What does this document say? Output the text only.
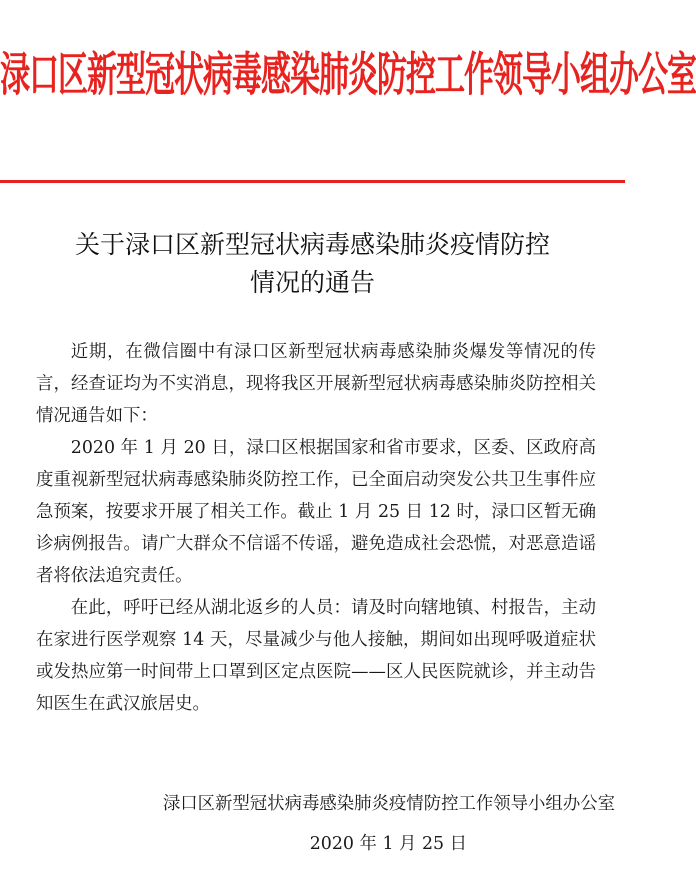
渌口区新型冠状病毒感染肺炎防控工作领导小组办公室
关于渌口区新型冠状病毒感染肺炎疫情防控
情况的通告

近期，在微信圈中有渌口区新型冠状病毒感染肺炎爆发等情况的传言，经查证均为不实消息，现将我区开展新型冠状病毒感染肺炎防控相关情况通告如下：

2020 年 1 月 20 日，渌口区根据国家和省市要求，区委、区政府高度重视新型冠状病毒感染肺炎防控工作，已全面启动突发公共卫生事件应急预案，按要求开展了相关工作。截止 1 月 25 日 12 时，渌口区暂无确诊病例报告。请广大群众不信谣不传谣，避免造成社会恐慌，对恶意造谣者将依法追究责任。

在此，呼吁已经从湖北返乡的人员：请及时向辖地镇、村报告，主动在家进行医学观察 14 天，尽量减少与他人接触，期间如出现呼吸道症状或发热应第一时间带上口罩到区定点医院——区人民医院就诊，并主动告知医生在武汉旅居史。

渌口区新型冠状病毒感染肺炎疫情防控工作领导小组办公室
2020 年 1 月 25 日
